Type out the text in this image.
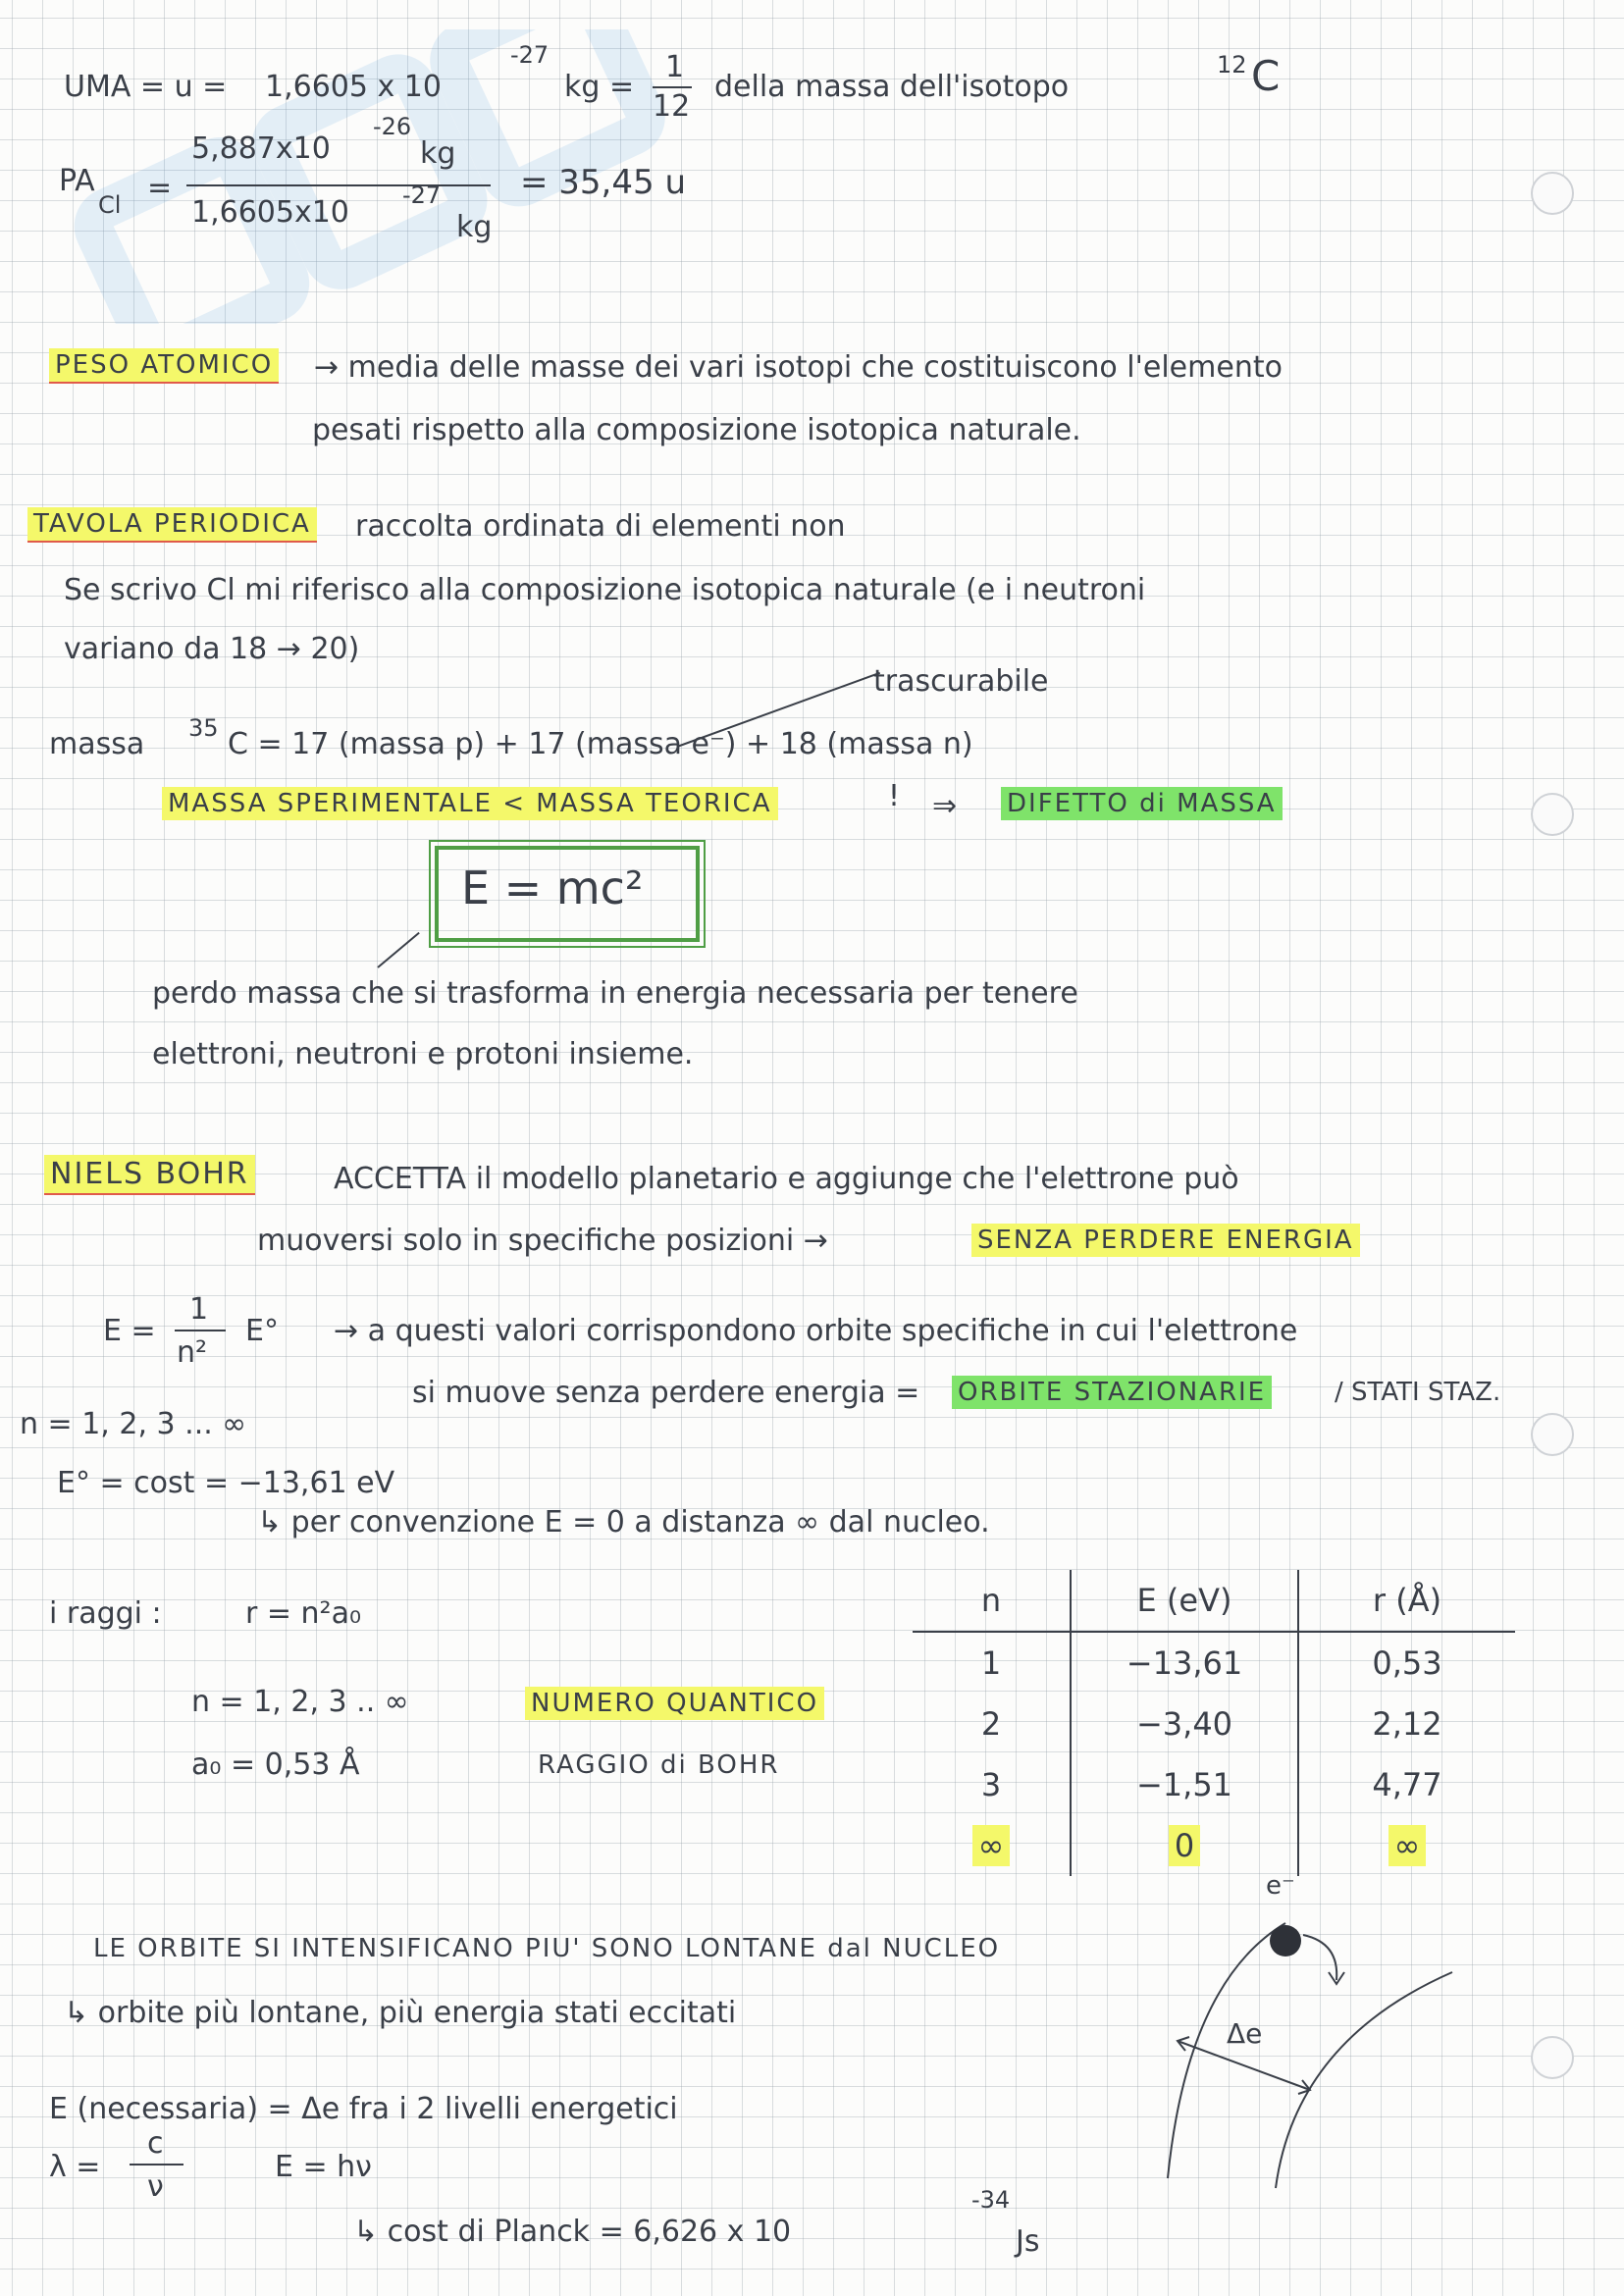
UMA = u = 1,6605 x 10
-27
kg =
1
12
della massa dell'isotopo
12 C
PA
Cl =
5,887x10
-26
kg
1,6605x10 -27
kg
= 35,45 u
PESO ATOMICO → media delle masse dei vari isotopi che costituiscono l'elemento
pesati rispetto alla composizione isotopica naturale.
TAVOLA PERIODICA raccolta ordinata di elementi non
Se scrivo Cl mi riferisco alla composizione isotopica naturale (e i neutroni
variano da 18 → 20)
trascurabile
massa 35 C = 17 (massa p) + 17 (massa e⁻) + 18 (massa n)
MASSA SPERIMENTALE < MASSA TEORICA	! ⇒ DIFETTO di MASSA
E = mc²
perdo massa che si trasforma in energia necessaria per tenere
elettroni, neutroni e protoni insieme.
NIELS BOHR	ACCETTA il modello planetario e aggiunge che l'elettrone può
muoversi solo in specifiche posizioni →	SENZA PERDERE ENERGIA
E =
1
n²
E° → a questi valori corrispondono orbite specifiche in cui l'elettrone
si muove senza perdere energia = ORBITE STAZIONARIE	/ STATI STAZ.
n = 1, 2, 3 ... ∞
E° = cost = −13,61 eV
↳ per convenzione E = 0 a distanza ∞ dal nucleo.
i raggi :	r = n²a₀
n = 1, 2, 3 .. ∞	NUMERO QUANTICO
a₀ = 0,53 Å	RAGGIO di BOHR
n	E (eV)	r (Å)
1	−13,61	0,53
2	−3,40	2,12
3	−1,51	4,77
∞	0	∞
LE ORBITE SI INTENSIFICANO PIU' SONO LONTANE dal NUCLEO
↳ orbite più lontane, più energia stati eccitati
e⁻
Δe
E (necessaria) = Δe fra i 2 livelli energetici
λ =
c
ν
E = hν
↳ cost di Planck = 6,626 x 10
-34
Js
